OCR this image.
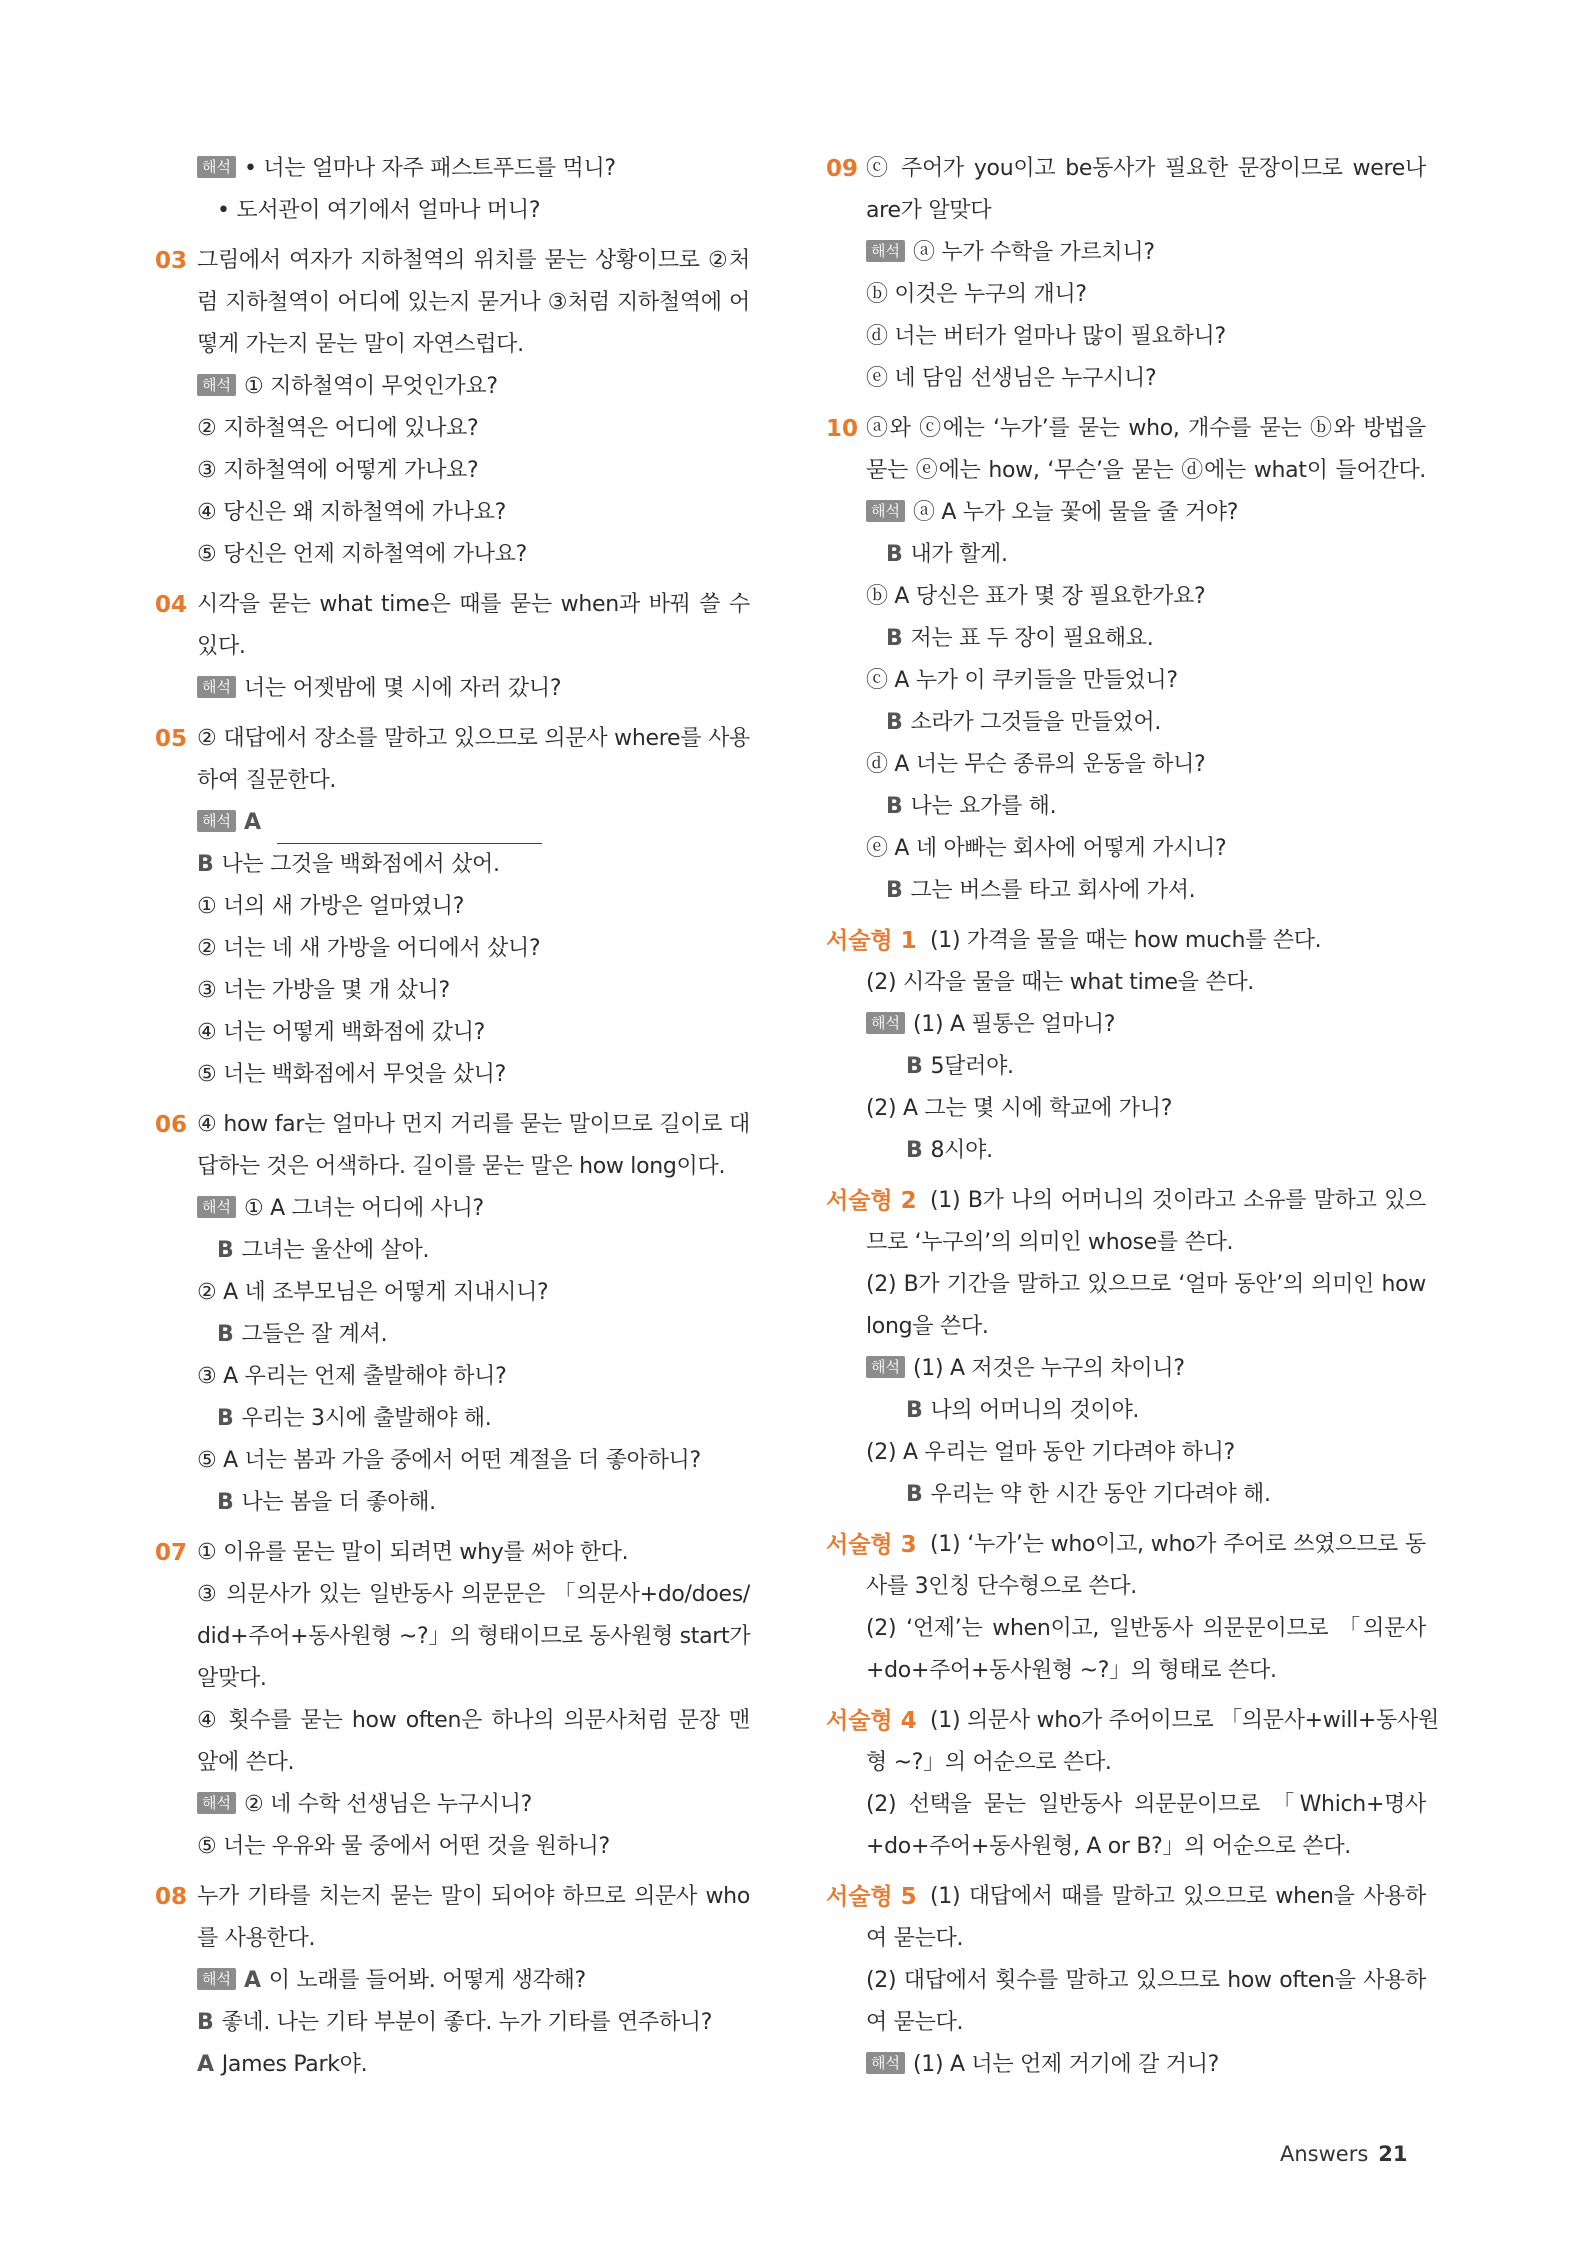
해석 • 너는 얼마나 자주 패스트푸드를 먹니?
• 도서관이 여기에서 얼마나 머니?
03 그림에서 여자가 지하철역의 위치를 묻는 상황이므로 ②처
럼 지하철역이 어디에 있는지 묻거나 ③처럼 지하철역에 어
떻게 가는지 묻는 말이 자연스럽다.
해석 ① 지하철역이 무엇인가요?
② 지하철역은 어디에 있나요?
③ 지하철역에 어떻게 가나요?
④ 당신은 왜 지하철역에 가나요?
⑤ 당신은 언제 지하철역에 가나요?
04 시각을 묻는 what time은 때를 묻는 when과 바꿔 쓸 수
있다.
해석 너는 어젯밤에 몇 시에 자러 갔니?
05 ② 대답에서 장소를 말하고 있으므로 의문사 where를 사용
하여 질문한다.
해석 A
B 나는 그것을 백화점에서 샀어.
① 너의 새 가방은 얼마였니?
② 너는 네 새 가방을 어디에서 샀니?
③ 너는 가방을 몇 개 샀니?
④ 너는 어떻게 백화점에 갔니?
⑤ 너는 백화점에서 무엇을 샀니?
06 ④ how far는 얼마나 먼지 거리를 묻는 말이므로 길이로 대
답하는 것은 어색하다. 길이를 묻는 말은 how long이다.
해석 ① A 그녀는 어디에 사니?
B 그녀는 울산에 살아.
② A 네 조부모님은 어떻게 지내시니?
B 그들은 잘 계셔.
③ A 우리는 언제 출발해야 하니?
B 우리는 3시에 출발해야 해.
⑤ A 너는 봄과 가을 중에서 어떤 계절을 더 좋아하니?
B 나는 봄을 더 좋아해.
07 ① 이유를 묻는 말이 되려면 why를 써야 한다.
③ 의문사가 있는 일반동사 의문문은 「의문사+do/does/
did+주어+동사원형 ~?」의 형태이므로 동사원형 start가
알맞다.
④ 횟수를 묻는 how often은 하나의 의문사처럼 문장 맨
앞에 쓴다.
해석 ② 네 수학 선생님은 누구시니?
⑤ 너는 우유와 물 중에서 어떤 것을 원하니?
08 누가 기타를 치는지 묻는 말이 되어야 하므로 의문사 who
를 사용한다.
해석 A 이 노래를 들어봐. 어떻게 생각해?
B 좋네. 나는 기타 부분이 좋다. 누가 기타를 연주하니?
A James Park야.
09 ⓒ 주어가 you이고 be동사가 필요한 문장이므로 were나
are가 알맞다
해석 ⓐ 누가 수학을 가르치니?
ⓑ 이것은 누구의 개니?
ⓓ 너는 버터가 얼마나 많이 필요하니?
ⓔ 네 담임 선생님은 누구시니?
10 ⓐ와 ⓒ에는 ‘누가’를 묻는 who, 개수를 묻는 ⓑ와 방법을
묻는 ⓔ에는 how, ‘무슨’을 묻는 ⓓ에는 what이 들어간다.
해석 ⓐ A 누가 오늘 꽃에 물을 줄 거야?
B 내가 할게.
ⓑ A 당신은 표가 몇 장 필요한가요?
B 저는 표 두 장이 필요해요.
ⓒ A 누가 이 쿠키들을 만들었니?
B 소라가 그것들을 만들었어.
ⓓ A 너는 무슨 종류의 운동을 하니?
B 나는 요가를 해.
ⓔ A 네 아빠는 회사에 어떻게 가시니?
B 그는 버스를 타고 회사에 가셔.
서술형 1 (1) 가격을 물을 때는 how much를 쓴다.
(2) 시각을 물을 때는 what time을 쓴다.
해석 (1) A 필통은 얼마니?
B 5달러야.
(2) A 그는 몇 시에 학교에 가니?
B 8시야.
서술형 2 (1) B가 나의 어머니의 것이라고 소유를 말하고 있으
므로 ‘누구의’의 의미인 whose를 쓴다.
(2) B가 기간을 말하고 있으므로 ‘얼마 동안’의 의미인 how
long을 쓴다.
해석 (1) A 저것은 누구의 차이니?
B 나의 어머니의 것이야.
(2) A 우리는 얼마 동안 기다려야 하니?
B 우리는 약 한 시간 동안 기다려야 해.
서술형 3 (1) ‘누가’는 who이고, who가 주어로 쓰였으므로 동
사를 3인칭 단수형으로 쓴다.
(2) ‘언제’는 when이고, 일반동사 의문문이므로 「의문사
+do+주어+동사원형 ~?」의 형태로 쓴다.
서술형 4 (1) 의문사 who가 주어이므로 「의문사+will+동사원
형 ~?」의 어순으로 쓴다.
(2) 선택을 묻는 일반동사 의문문이므로 「Which+명사
+do+주어+동사원형, A or B?」의 어순으로 쓴다.
서술형 5 (1) 대답에서 때를 말하고 있으므로 when을 사용하
여 묻는다.
(2) 대답에서 횟수를 말하고 있으므로 how often을 사용하
여 묻는다.
해석 (1) A 너는 언제 거기에 갈 거니?
Answers 21
